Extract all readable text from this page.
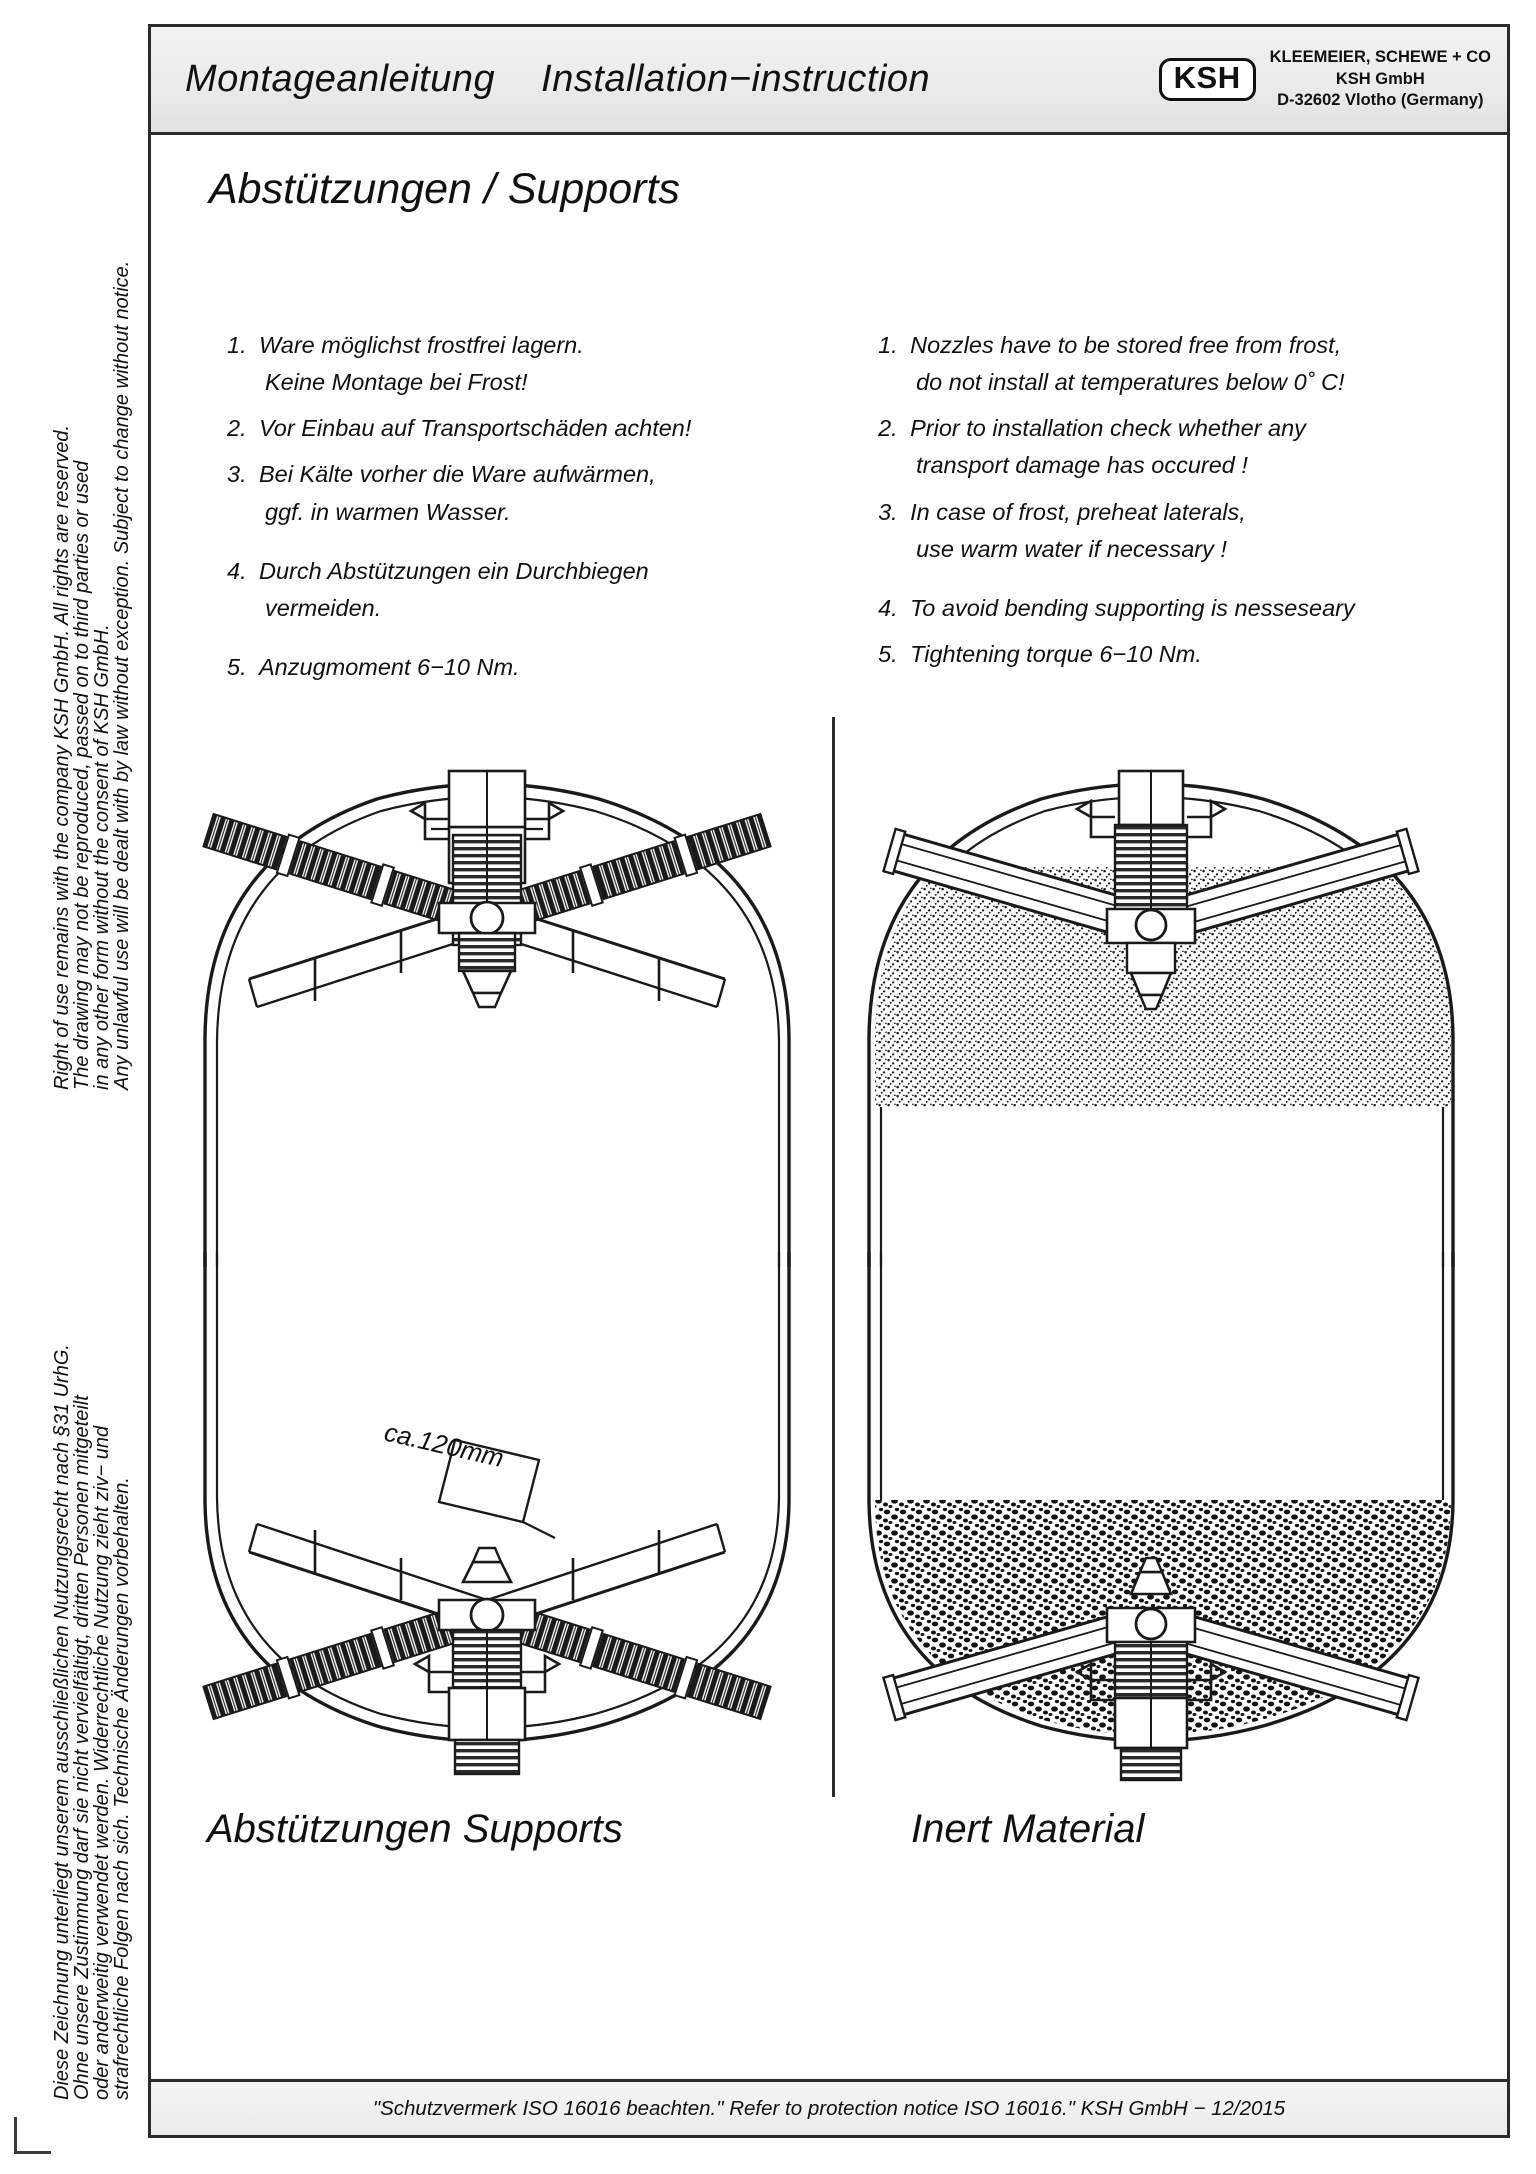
Right of use remains with the company KSH GmbH. All rights are reserved.
The drawing may not be reproduced, passed on to third parties or used
in any other form without the consent of KSH GmbH.
Any unlawful use will be dealt with by law without exception. Subject to change without notice.
Diese Zeichnung unterliegt unserem ausschließlichen Nutzungsrecht nach §31 UrhG.
Ohne unsere Zustimmung darf sie nicht vervielfältigt, dritten Personen mitgeteilt
oder anderweitig verwendet werden. Widerrechtliche Nutzung zieht ziv− und
strafrechtliche Folgen nach sich. Technische Änderungen vorbehalten.
Montageanleitung Installation−instruction	KSH
KLEEMEIER, SCHEWE + CO
KSH GmbH
D-32602 Vlotho (Germany)
Abstützungen / Supports
1. Ware möglichst frostfrei lagern.
Keine Montage bei Frost!
2. Vor Einbau auf Transportschäden achten!
3. Bei Kälte vorher die Ware aufwärmen,
ggf. in warmen Wasser.
4. Durch Abstützungen ein Durchbiegen
vermeiden.
5. Anzugmoment 6−10 Nm.
1. Nozzles have to be stored free from frost,
do not install at temperatures below 0˚ C!
2. Prior to installation check whether any
transport damage has occured !
3. In case of frost, preheat laterals,
use warm water if necessary !
4. To avoid bending supporting is nesseseary
5. Tightening torque 6−10 Nm.
ca.120mm
Abstützungen Supports	Inert Material
"Schutzvermerk ISO 16016 beachten." Refer to protection notice ISO 16016." KSH GmbH − 12/2015
